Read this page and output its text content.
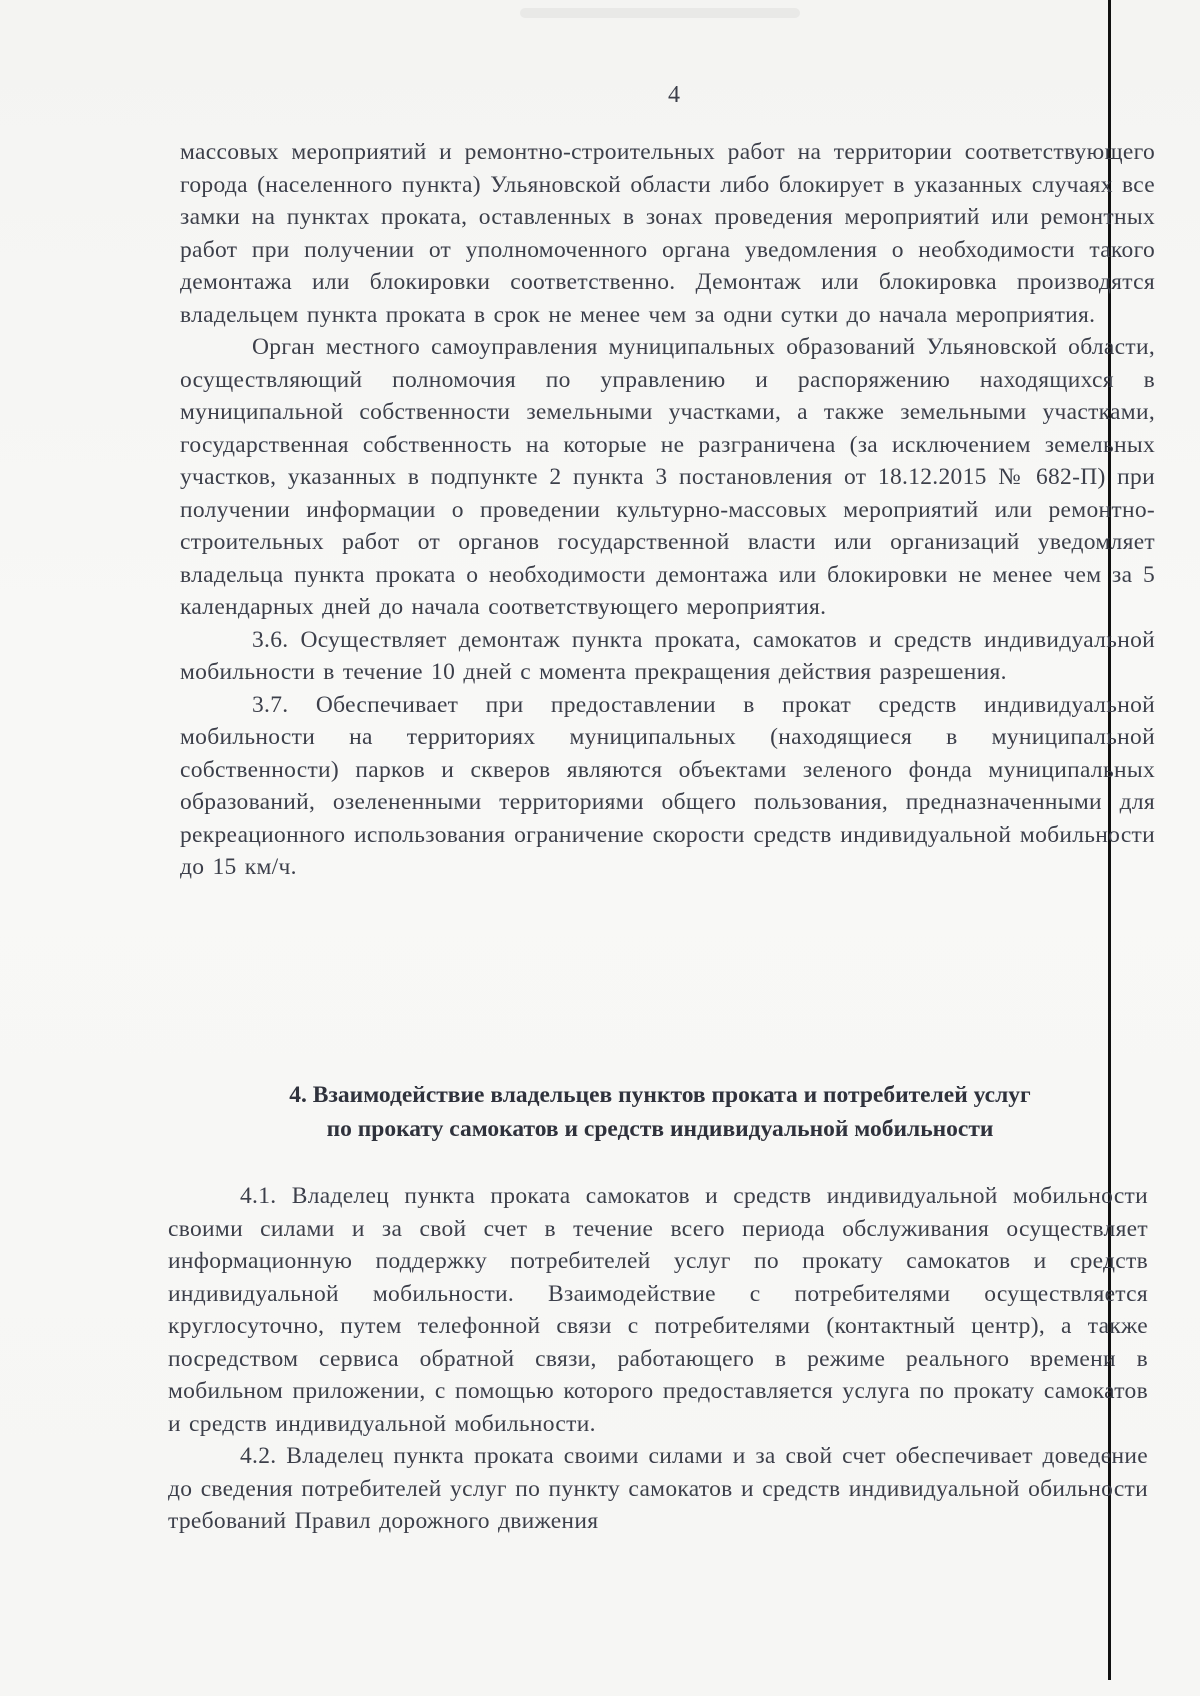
4

массовых мероприятий и ремонтно-строительных работ на территории соответствующего города (населенного пункта) Ульяновской области либо блокирует в указанных случаях все замки на пунктах проката, оставленных в зонах проведения мероприятий или ремонтных работ при получении от уполномоченного органа уведомления о необходимости такого демонтажа или блокировки соответственно. Демонтаж или блокировка производятся владельцем пункта проката в срок не менее чем за одни сутки до начала мероприятия.

Орган местного самоуправления муниципальных образований Ульяновской области, осуществляющий полномочия по управлению и распоряжению находящихся в муниципальной собственности земельными участками, а также земельными участками, государственная собственность на которые не разграничена (за исключением земельных участков, указанных в подпункте 2 пункта 3 постановления от 18.12.2015 № 682-П) при получении информации о проведении культурно-массовых мероприятий или ремонтно-строительных работ от органов государственной власти или организаций уведомляет владельца пункта проката о необходимости демонтажа или блокировки не менее чем за 5 календарных дней до начала соответствующего мероприятия.

3.6. Осуществляет демонтаж пункта проката, самокатов и средств индивидуальной мобильности в течение 10 дней с момента прекращения действия разрешения.

3.7. Обеспечивает при предоставлении в прокат средств индивидуальной мобильности на территориях муниципальных (находящиеся в муниципальной собственности) парков и скверов являются объектами зеленого фонда муниципальных образований, озелененными территориями общего пользования, предназначенными для рекреационного использования ограничение скорости средств индивидуальной мобильности до 15 км/ч.

4. Взаимодействие владельцев пунктов проката и потребителей услуг
по прокату самокатов и средств индивидуальной мобильности

4.1. Владелец пункта проката самокатов и средств индивидуальной мобильности своими силами и за свой счет в течение всего периода обслуживания осуществляет информационную поддержку потребителей услуг по прокату самокатов и средств индивидуальной мобильности. Взаимодействие с потребителями осуществляется круглосуточно, путем телефонной связи с потребителями (контактный центр), а также посредством сервиса обратной связи, работающего в режиме реального времени в мобильном приложении, с помощью которого предоставляется услуга по прокату самокатов и средств индивидуальной мобильности.

4.2. Владелец пункта проката своими силами и за свой счет обеспечивает доведение до сведения потребителей услуг по пункту самокатов и средств индивидуальной обильности требований Правил дорожного движения
